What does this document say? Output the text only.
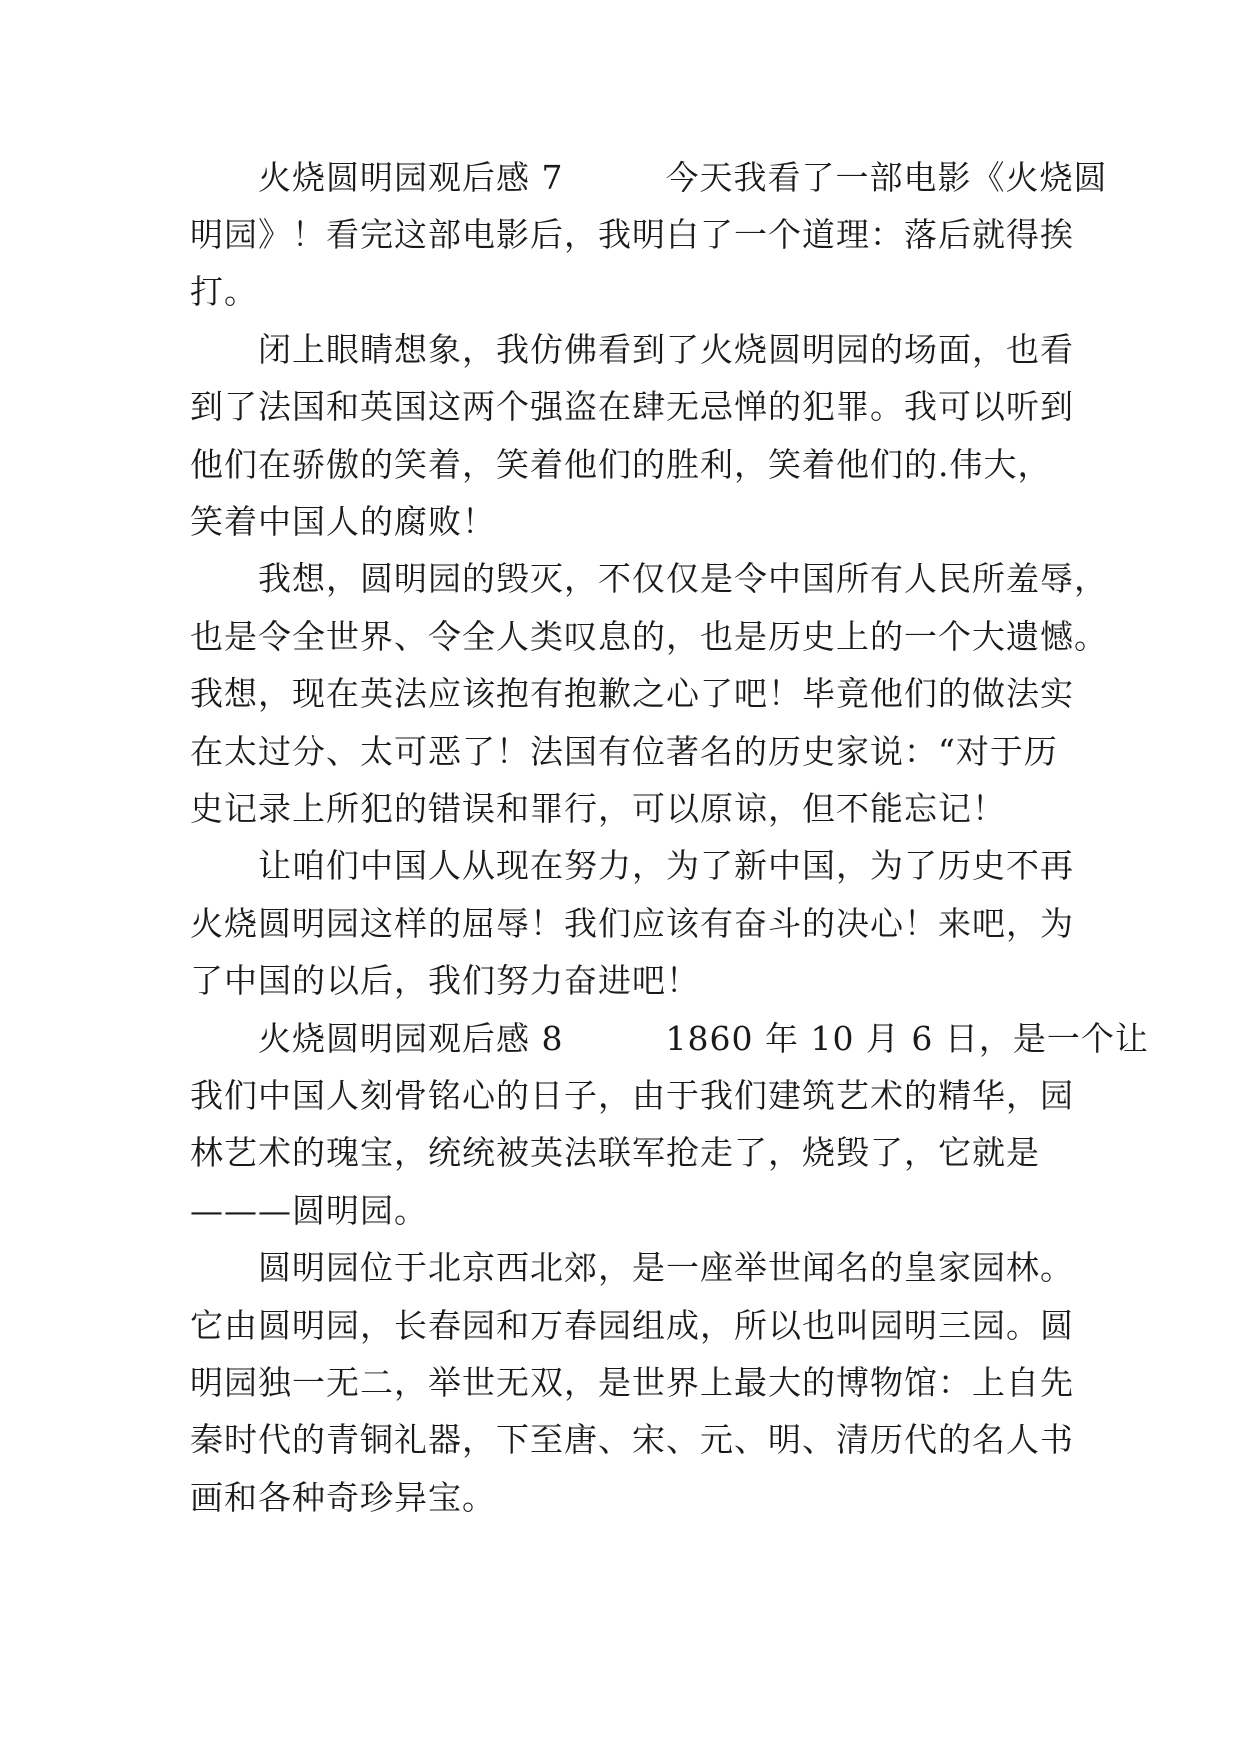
　　火烧圆明园观后感 7　　　今天我看了一部电影《火烧圆
明园》！看完这部电影后，我明白了一个道理：落后就得挨
打。
　　闭上眼睛想象，我仿佛看到了火烧圆明园的场面，也看
到了法国和英国这两个强盗在肆无忌惮的犯罪。我可以听到
他们在骄傲的笑着，笑着他们的胜利，笑着他们的.伟大，
笑着中国人的腐败！
　　我想，圆明园的毁灭，不仅仅是令中国所有人民所羞辱，
也是令全世界、令全人类叹息的，也是历史上的一个大遗憾。
我想，现在英法应该抱有抱歉之心了吧！毕竟他们的做法实
在太过分、太可恶了！法国有位著名的历史家说：“对于历
史记录上所犯的错误和罪行，可以原谅，但不能忘记！
　　让咱们中国人从现在努力，为了新中国，为了历史不再
火烧圆明园这样的屈辱！我们应该有奋斗的决心！来吧，为
了中国的以后，我们努力奋进吧！
　　火烧圆明园观后感 8　　　1860 年 10 月 6 日，是一个让
我们中国人刻骨铭心的日子，由于我们建筑艺术的精华，园
林艺术的瑰宝，统统被英法联军抢走了，烧毁了，它就是
———圆明园。
　　圆明园位于北京西北郊，是一座举世闻名的皇家园林。
它由圆明园，长春园和万春园组成，所以也叫园明三园。圆
明园独一无二，举世无双，是世界上最大的博物馆：上自先
秦时代的青铜礼器，下至唐、宋、元、明、清历代的名人书
画和各种奇珍异宝。
